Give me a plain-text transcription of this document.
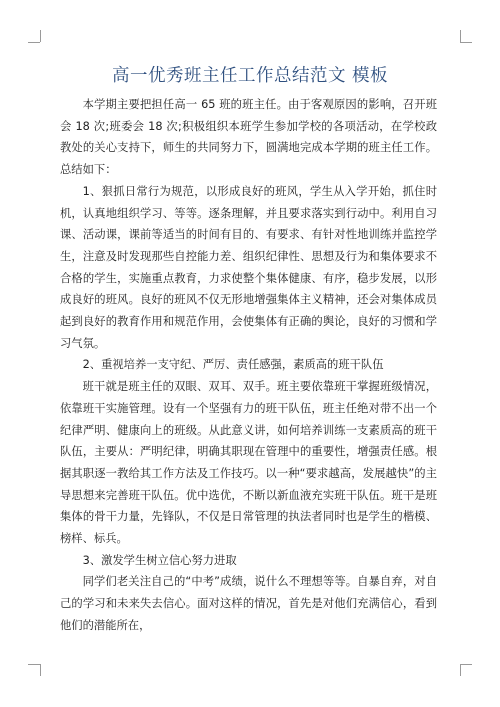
高一优秀班主任工作总结范文 模板

本学期主要把担任高一 65 班的班主任。由于客观原因的影响，召开班会 18 次;班委会 18 次;积极组织本班学生参加学校的各项活动，在学校政教处的关心支持下，师生的共同努力下，圆满地完成本学期的班主任工作。总结如下：

1、狠抓日常行为规范，以形成良好的班风，学生从入学开始，抓住时机，认真地组织学习、等等。逐条理解，并且要求落实到行动中。利用自习课、活动课，课前等适当的时间有目的、有要求、有针对性地训练并监控学生，注意及时发现那些自控能力差、组织纪律性、思想及行为和集体要求不合格的学生，实施重点教育，力求使整个集体健康、有序，稳步发展，以形成良好的班风。良好的班风不仅无形地增强集体主义精神，还会对集体成员起到良好的教育作用和规范作用，会使集体有正确的舆论，良好的习惯和学习气氛。

2、重视培养一支守纪、严厉、责任感强，素质高的班干队伍

班干就是班主任的双眼、双耳、双手。班主要依靠班干掌握班级情况，依靠班干实施管理。设有一个坚强有力的班干队伍，班主任绝对带不出一个纪律严明、健康向上的班级。从此意义讲，如何培养训练一支素质高的班干队伍，主要从：严明纪律，明确其职现在管理中的重要性，增强责任感。根据其职逐一教给其工作方法及工作技巧。以一种“要求越高，发展越快”的主导思想来完善班干队伍。优中选优，不断以新血液充实班干队伍。班干是班集体的骨干力量，先锋队，不仅是日常管理的执法者同时也是学生的楷模、榜样、标兵。

3、激发学生树立信心努力进取

同学们老关注自己的“中考”成绩，说什么不理想等等。自暴自弃，对自己的学习和未来失去信心。面对这样的情况，首先是对他们充满信心，看到他们的潜能所在，
